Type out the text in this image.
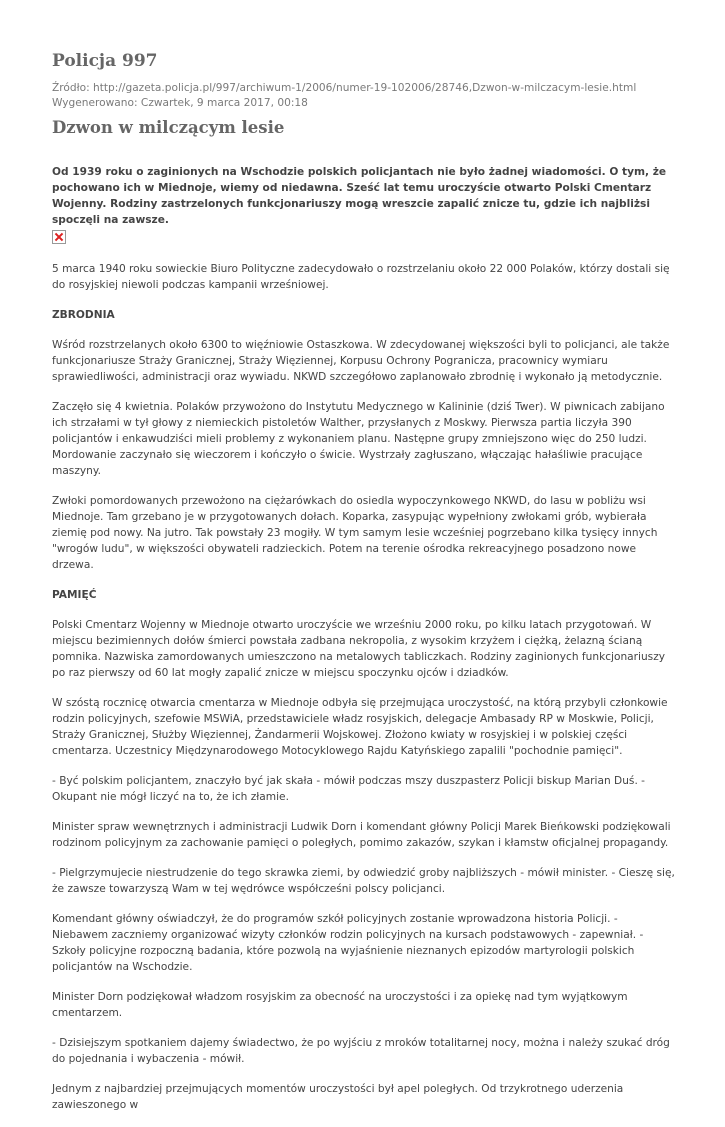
Policja 997
Źródło: http://gazeta.policja.pl/997/archiwum-1/2006/numer-19-102006/28746,Dzwon-w-milczacym-lesie.html
Wygenerowano: Czwartek, 9 marca 2017, 00:18
Dzwon w milczącym lesie
Od 1939 roku o zaginionych na Wschodzie polskich policjantach nie było żadnej wiadomości. O tym, że pochowano ich w Miednoje, wiemy od niedawna. Sześć lat temu uroczyście otwarto Polski Cmentarz Wojenny. Rodziny zastrzelonych funkcjonariuszy mogą wreszcie zapalić znicze tu, gdzie ich najbliżsi spoczęli na zawsze.

5 marca 1940 roku sowieckie Biuro Polityczne zadecydowało o rozstrzelaniu około 22 000 Polaków, którzy dostali się do rosyjskiej niewoli podczas kampanii wrześniowej.

ZBRODNIA

Wśród rozstrzelanych około 6300 to więźniowie Ostaszkowa. W zdecydowanej większości byli to policjanci, ale także funkcjonariusze Straży Granicznej, Straży Więziennej, Korpusu Ochrony Pogranicza, pracownicy wymiaru sprawiedliwości, administracji oraz wywiadu. NKWD szczegółowo zaplanowało zbrodnię i wykonało ją metodycznie.

Zaczęło się 4 kwietnia. Polaków przywożono do Instytutu Medycznego w Kalininie (dziś Twer). W piwnicach zabijano ich strzałami w tył głowy z niemieckich pistoletów Walther, przysłanych z Moskwy. Pierwsza partia liczyła 390 policjantów i enkawudziści mieli problemy z wykonaniem planu. Następne grupy zmniejszono więc do 250 ludzi. Mordowanie zaczynało się wieczorem i kończyło o świcie. Wystrzały zagłuszano, włączając hałaśliwie pracujące maszyny.

Zwłoki pomordowanych przewożono na ciężarówkach do osiedla wypoczynkowego NKWD, do lasu w pobliżu wsi Miednoje. Tam grzebano je w przygotowanych dołach. Koparka, zasypując wypełniony zwłokami grób, wybierała ziemię pod nowy. Na jutro. Tak powstały 23 mogiły. W tym samym lesie wcześniej pogrzebano kilka tysięcy innych "wrogów ludu", w większości obywateli radzieckich. Potem na terenie ośrodka rekreacyjnego posadzono nowe drzewa.

PAMIĘĆ

Polski Cmentarz Wojenny w Miednoje otwarto uroczyście we wrześniu 2000 roku, po kilku latach przygotowań. W miejscu bezimiennych dołów śmierci powstała zadbana nekropolia, z wysokim krzyżem i ciężką, żelazną ścianą pomnika. Nazwiska zamordowanych umieszczono na metalowych tabliczkach. Rodziny zaginionych funkcjonariuszy po raz pierwszy od 60 lat mogły zapalić znicze w miejscu spoczynku ojców i dziadków.

W szóstą rocznicę otwarcia cmentarza w Miednoje odbyła się przejmująca uroczystość, na którą przybyli członkowie rodzin policyjnych, szefowie MSWiA, przedstawiciele władz rosyjskich, delegacje Ambasady RP w Moskwie, Policji, Straży Granicznej, Służby Więziennej, Żandarmerii Wojskowej. Złożono kwiaty w rosyjskiej i w polskiej części cmentarza. Uczestnicy Międzynarodowego Motocyklowego Rajdu Katyńskiego zapalili "pochodnie pamięci".

- Być polskim policjantem, znaczyło być jak skała - mówił podczas mszy duszpasterz Policji biskup Marian Duś. - Okupant nie mógł liczyć na to, że ich złamie.

Minister spraw wewnętrznych i administracji Ludwik Dorn i komendant główny Policji Marek Bieńkowski podziękowali rodzinom policyjnym za zachowanie pamięci o poległych, pomimo zakazów, szykan i kłamstw oficjalnej propagandy.

- Pielgrzymujecie niestrudzenie do tego skrawka ziemi, by odwiedzić groby najbliższych - mówił minister. - Cieszę się, że zawsze towarzyszą Wam w tej wędrówce współcześni polscy policjanci.

Komendant główny oświadczył, że do programów szkół policyjnych zostanie wprowadzona historia Policji. - Niebawem zaczniemy organizować wizyty członków rodzin policyjnych na kursach podstawowych - zapewniał. - Szkoły policyjne rozpoczną badania, które pozwolą na wyjaśnienie nieznanych epizodów martyrologii polskich policjantów na Wschodzie.

Minister Dorn podziękował władzom rosyjskim za obecność na uroczystości i za opiekę nad tym wyjątkowym cmentarzem.

- Dzisiejszym spotkaniem dajemy świadectwo, że po wyjściu z mroków totalitarnej nocy, można i należy szukać dróg do pojednania i wybaczenia - mówił.

Jednym z najbardziej przejmujących momentów uroczystości był apel poległych. Od trzykrotnego uderzenia zawieszonego w
